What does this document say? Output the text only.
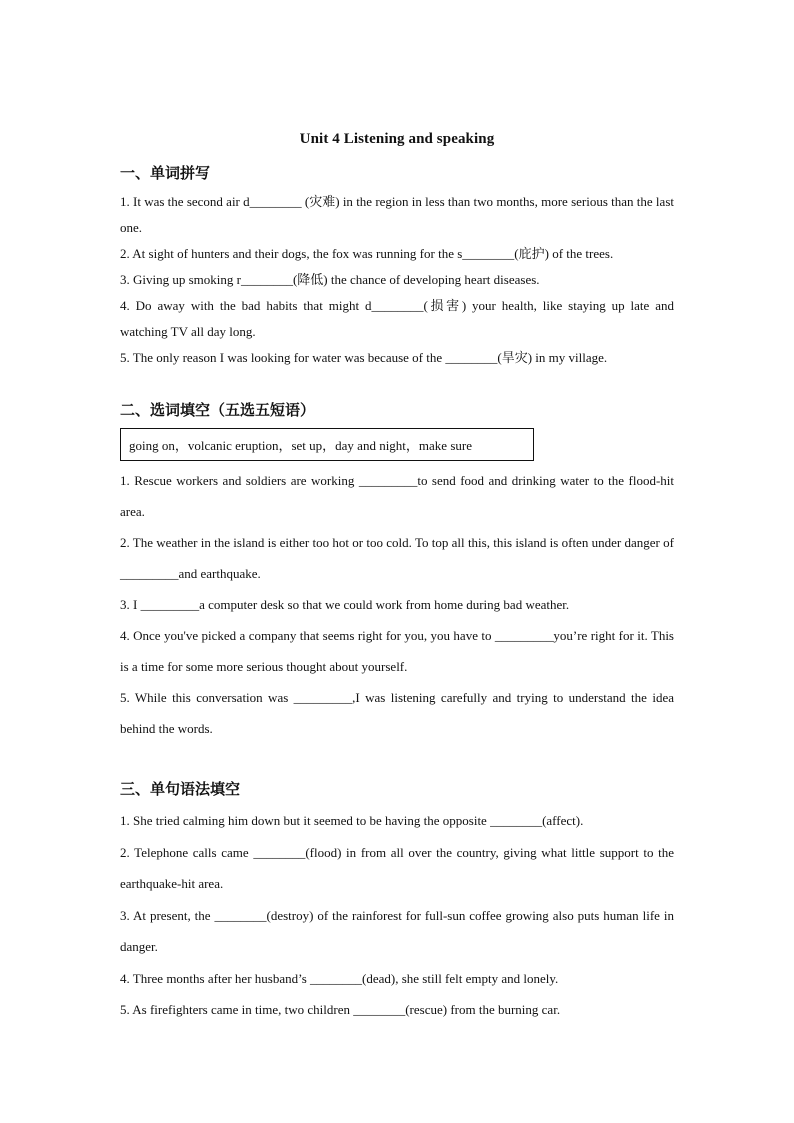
Unit 4 Listening and speaking
一、单词拼写

1. It was the second air d________ (灾难) in the region in less than two months, more serious than the last one.

2. At sight of hunters and their dogs, the fox was running for the s________(庇护) of the trees.

3. Giving up smoking r________(降低) the chance of developing heart diseases.

4. Do away with the bad habits that might d________(损害) your health, like staying up late and watching TV all day long.

5. The only reason I was looking for water was because of the ________(旱灾) in my village.

二、选词填空（五选五短语）
going on，volcanic eruption，set up，day and night，make sure

1. Rescue workers and soldiers are working _________to send food and drinking water to the flood-hit area.

2. The weather in the island is either too hot or too cold. To top all this, this island is often under danger of _________and earthquake.

3. I _________a computer desk so that we could work from home during bad weather.

4. Once you've picked a company that seems right for you, you have to _________you’re right for it. This is a time for some more serious thought about yourself.

5. While this conversation was _________,I was listening carefully and trying to understand the idea behind the words.

三、单句语法填空

1. She tried calming him down but it seemed to be having the opposite ________(affect).

2. Telephone calls came ________(flood) in from all over the country, giving what little support to the earthquake-hit area.

3. At present, the ________(destroy) of the rainforest for full-sun coffee growing also puts human life in danger.

4. Three months after her husband’s ________(dead), she still felt empty and lonely.

5. As firefighters came in time, two children ________(rescue) from the burning car.
